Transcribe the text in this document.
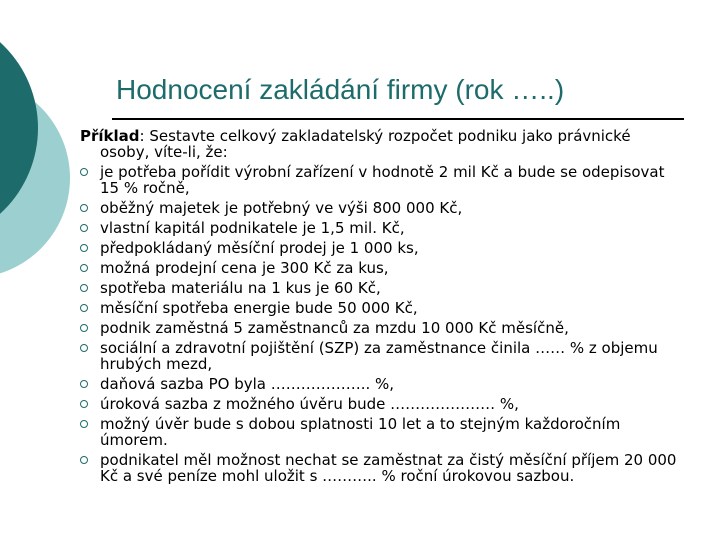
Hodnocení zakládání firmy (rok …..)

Příklad: Sestavte celkový zakladatelský rozpočet podniku jako právnické osoby, víte-li, že:

je potřeba pořídit výrobní zařízení v hodnotě 2 mil Kč a bude se odepisovat 15 % ročně,
oběžný majetek je potřebný ve výši 800 000 Kč,
vlastní kapitál podnikatele je 1,5 mil. Kč,
předpokládaný měsíční prodej je 1 000 ks,
možná prodejní cena je 300 Kč za kus,
spotřeba materiálu na 1 kus je 60 Kč,
měsíční spotřeba energie bude 50 000 Kč,
podnik zaměstná 5 zaměstnanců za mzdu 10 000 Kč měsíčně,
sociální a zdravotní pojištění (SZP) za zaměstnance činila …… % z objemu hrubých mezd,
daňová sazba PO byla ……………….. %,
úroková sazba z možného úvěru bude ………………… %,
možný úvěr bude s dobou splatnosti 10 let a to stejným každoročním úmorem.
podnikatel měl možnost nechat se zaměstnat za čistý měsíční příjem 20 000 Kč a své peníze mohl uložit s ……….. % roční úrokovou sazbou.
